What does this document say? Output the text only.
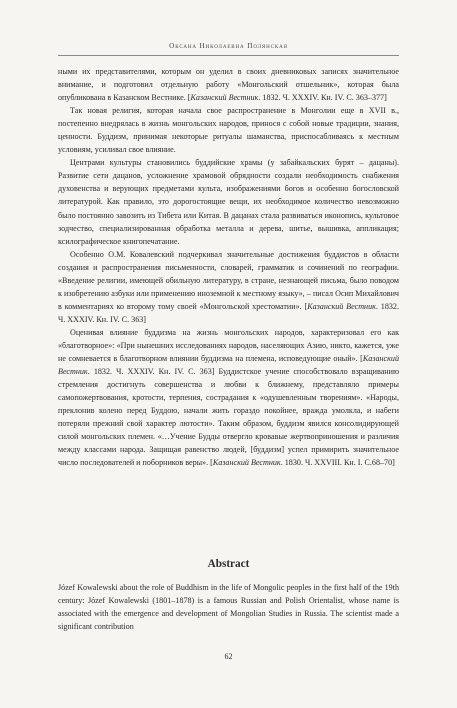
Оксана Николаевна Полянская

ными их представителями, которым он уделил в своих дневниковых записях значительное внимание, и подготовил отдельную работу «Монгольский отшельник», которая была опубликована в Казанском Вестнике. [Казанский Вестник. 1832. Ч. XXXIV. Кн. IV. С. 363–377]

Так новая религия, которая начала свое распространение в Монголии еще в XVII в., постепенно внедрялась в жизнь монгольских народов, принося с собой новые традиции, знания, ценности. Буддизм, принимая некоторые ритуалы шаманства, приспосабливаясь к местным условиям, усиливал свое влияние.

Центрами культуры становились буддийские храмы (у забайкальских бурят – дацаны). Развитие сети дацанов, усложнение храмовой обрядности создали необходимость снабжения духовенства и верующих предметами культа, изображениями богов и особенно богословской литературой. Как правило, это дорогостоящие вещи, их необходимое количество невозможно было постоянно завозить из Тибета или Китая. В дацанах стала развиваться иконопись, культовое зодчество, специализированная обработка металла и дерева, шитье, вышивка, аппликация; ксилографическое книгопечатание.

Особенно О.М. Ковалевский подчеркивал значительные достижения буддистов в области создания и распространения письменности, словарей, грамматик и сочинений по географии. «Введение религии, имеющей обильную литературу, в стране, незнающей письма, было поводом к изобретению азбуки или применению иноземной к местному языку», – писал Осип Михайлович в комментариях ко второму тому своей «Монгольской хрестоматии». [Казанский Вестник. 1832. Ч. XXXIV. Кн. IV. С. 363]

Оценивая влияние буддизма на жизнь монгольских народов, характеризовал его как «благотворное»: «При нынешних исследованиях народов, населяющих Азию, никто, кажется, уже не сомневается в благотворном влиянии буддизма на племена, исповедующие оный». [Казанский Вестник. 1832. Ч. XXXIV. Кн. IV. С. 363] Буддистское учение способствовало взращиванию стремления достигнуть совершенства и любви к ближнему, представляло примеры самопожертвования, кротости, терпения, сострадания к «одушевленным творениям». «Народы, преклонив колено перед Буддою, начали жить гораздо покойнее, вражда умолкла, и набеги потеряли прежний свой характер лютости». Таким образом, буддизм явился консолидирующей силой монгольских племен. «…Учение Будды отвергло кровавые жертвоприношения и различия между классами народа. Защищая равенство людей, [буддизм] успел примирить значительное число последователей и поборников веры». [Казанский Вестник. 1830. Ч. XXVIII. Кн. I. С.68–70]

Abstract

Józef Kowalewski about the role of Buddhism in the life of Mongolic peoples in the first half of the 19th century: Józef Kowalewski (1801–1878) is a famous Russian and Polish Orientalist, whose name is associated with the emergence and development of Mongolian Studies in Russia. The scientist made a significant contribution

62
